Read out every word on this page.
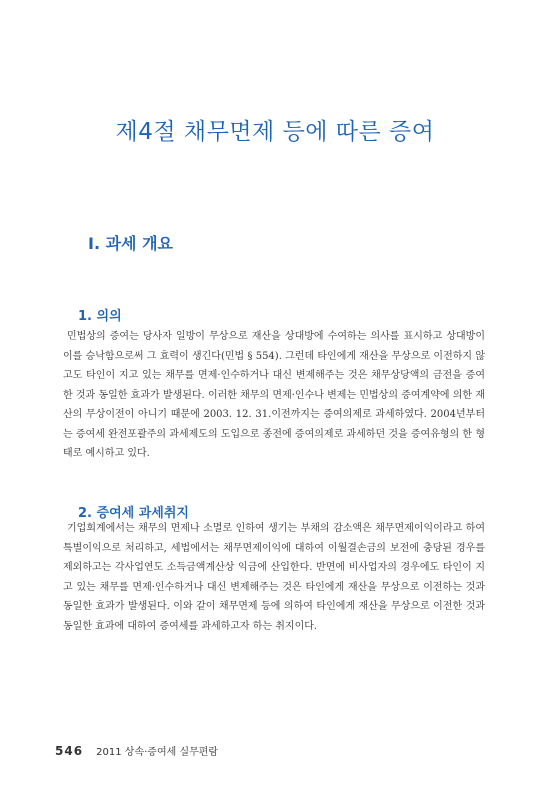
제4절 채무면제 등에 따른 증여
Ⅰ. 과세 개요
1. 의의

민법상의 증여는 당사자 일방이 무상으로 재산을 상대방에 수여하는 의사를 표시하고 상대방이 이를 승낙함으로써 그 효력이 생긴다(민법 § 554). 그런데 타인에게 재산을 무상으로 이전하지 않고도 타인이 지고 있는 채무를 면제·인수하거나 대신 변제해주는 것은 채무상당액의 금전을 증여한 것과 동일한 효과가 발생된다. 이러한 채무의 면제·인수나 변제는 민법상의 증여계약에 의한 재산의 무상이전이 아니기 때문에 2003. 12. 31.이전까지는 증여의제로 과세하였다. 2004년부터는 증여세 완전포괄주의 과세제도의 도입으로 종전에 증여의제로 과세하던 것을 증여유형의 한 형태로 예시하고 있다.

2. 증여세 과세취지

기업회계에서는 채무의 면제나 소멸로 인하여 생기는 부채의 감소액은 채무면제이익이라고 하여 특별이익으로 처리하고, 세법에서는 채무면제이익에 대하여 이월결손금의 보전에 충당된 경우를 제외하고는 각사업연도 소득금액계산상 익금에 산입한다. 반면에 비사업자의 경우에도 타인이 지고 있는 채무를 면제·인수하거나 대신 변제해주는 것은 타인에게 재산을 무상으로 이전하는 것과 동일한 효과가 발생된다. 이와 같이 채무면제 등에 의하여 타인에게 재산을 무상으로 이전한 것과 동일한 효과에 대하여 증여세를 과세하고자 하는 취지이다.

546 2011 상속·증여세 실무편람
